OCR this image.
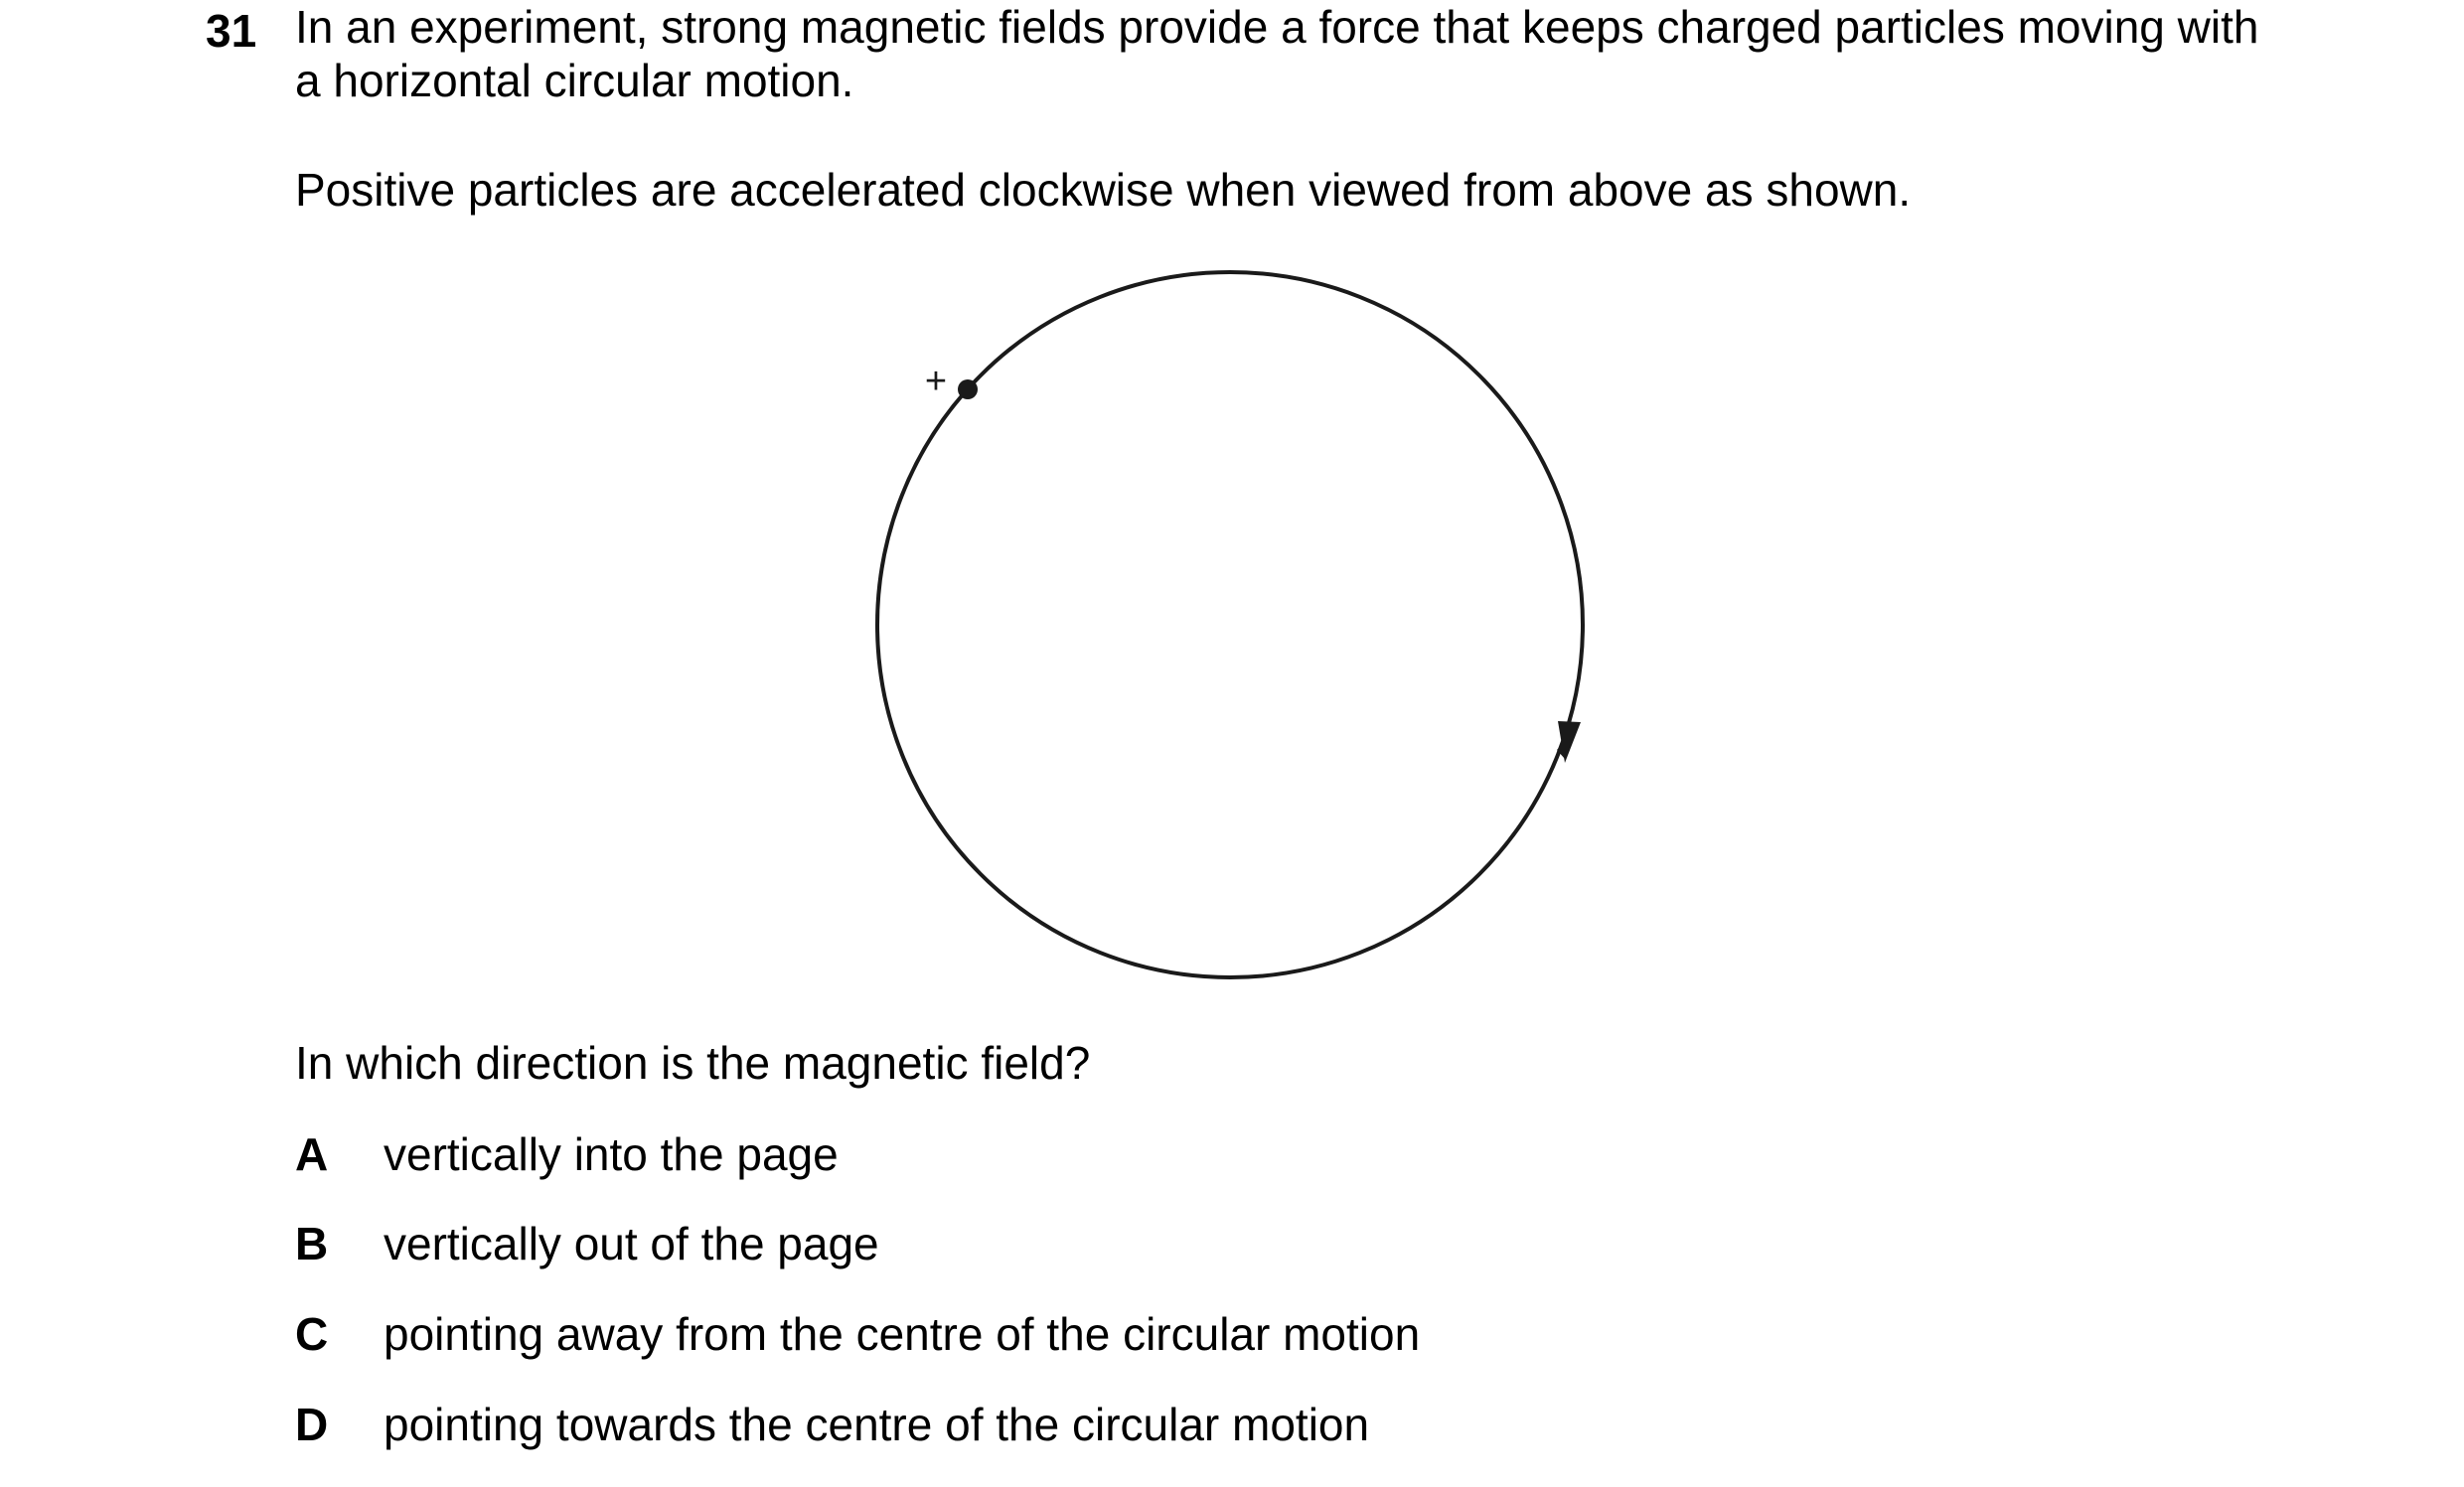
31 In an experiment, strong magnetic fields provide a force that keeps charged particles moving with
a horizontal circular motion.
Positive particles are accelerated clockwise when viewed from above as shown.
+
In which direction is the magnetic field?
A vertically into the page
B vertically out of the page
C pointing away from the centre of the circular motion
D pointing towards the centre of the circular motion
